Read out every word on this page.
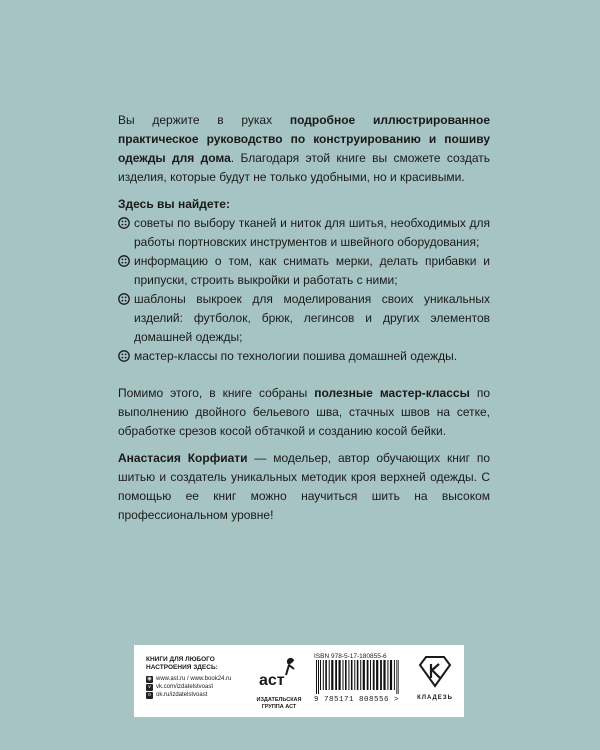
Вы держите в руках подробное иллюстрированное практическое руководство по конструированию и пошиву одежды для дома. Благодаря этой книге вы сможете создать изделия, которые будут не только удобными, но и красивыми.

Здесь вы найдете:

советы по выбору тканей и ниток для шитья, необходимых для работы портновских инструментов и швейного оборудования;
информацию о том, как снимать мерки, делать прибавки и припуски, строить выкройки и работать с ними;
шаблоны выкроек для моделирования своих уникальных изделий: футболок, брюк, легинсов и других элементов домашней одежды;
мастер-классы по технологии пошива домашней одежды.

Помимо этого, в книге собраны полезные мастер-классы по выполнению двойного бельевого шва, стачных швов на сетке, обработке срезов косой обтачкой и созданию косой бейки.

Анастасия Корфиати — модельер, автор обучающих книг по шитью и создатель уникальных методик кроя верхней одежды. С помощью ее книг можно научиться шить на высоком профессиональном уровне!

КНИГИ ДЛЯ ЛЮБОГО НАСТРОЕНИЯ ЗДЕСЬ:
◉ www.ast.ru / www.book24.ru
v vk.com/izdatelstvoast
o ok.ru/izdatelstvoast
аст
ИЗДАТЕЛЬСКАЯ ГРУППА АСТ
ISBN 978-5-17-180855-6
9 785171 808556 >	КЛАДЕЗЬ
